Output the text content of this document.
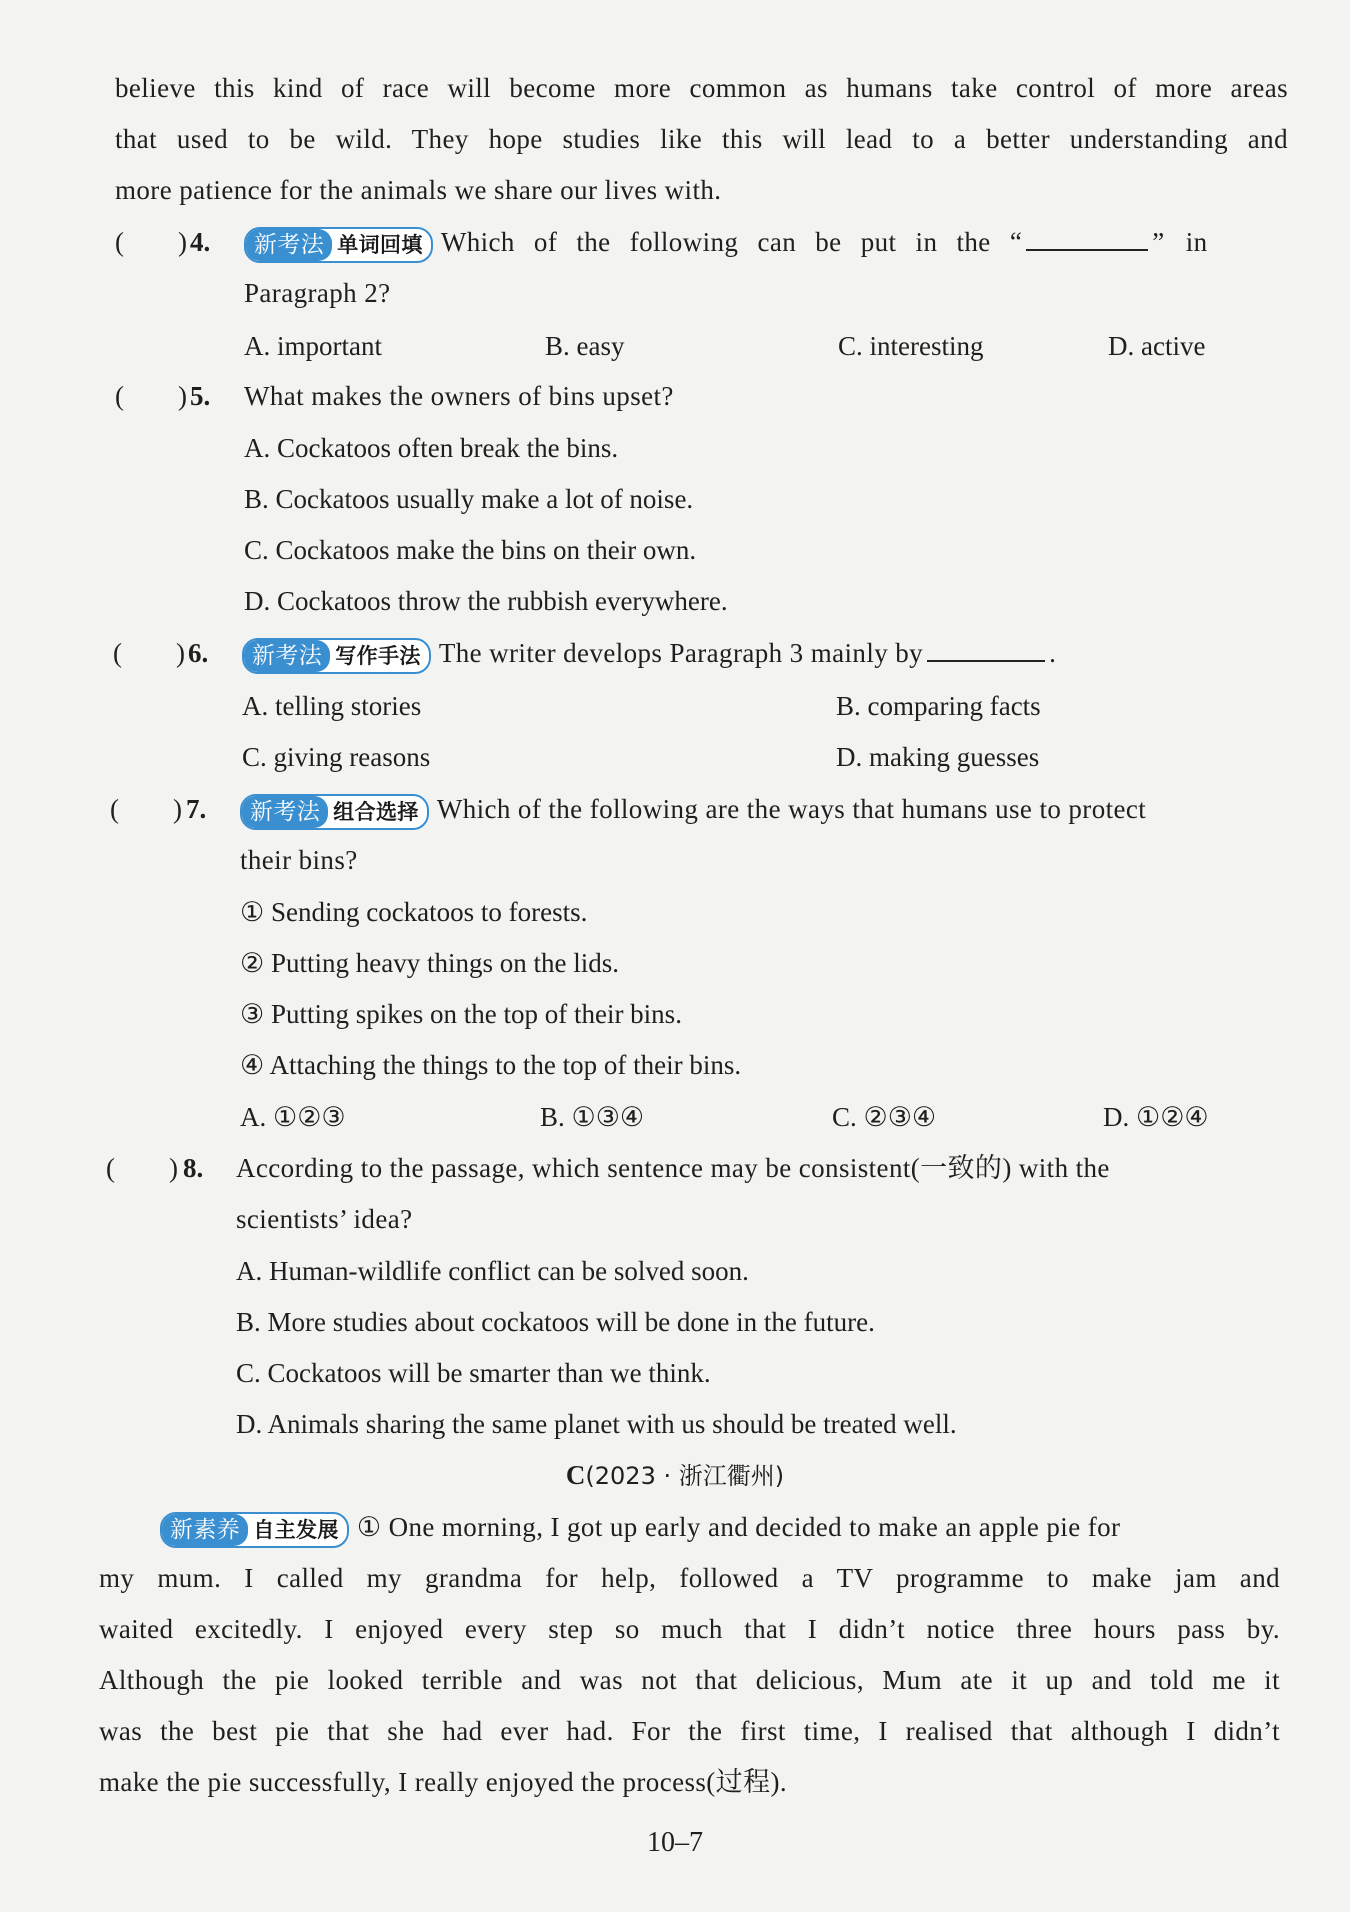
believe this kind of race will become more common as humans take control of more areas
that used to be wild. They hope studies like this will lead to a better understanding and
more patience for the animals we share our lives with.
(　　) 4.	新考法 单词回填 Which of the following can be put in the “	” in
Paragraph 2?
A. important	B. easy	C. interesting	D. active
(　　) 5. What makes the owners of bins upset?
A. Cockatoos often break the bins.
B. Cockatoos usually make a lot of noise.
C. Cockatoos make the bins on their own.
D. Cockatoos throw the rubbish everywhere.
(　　) 6.	新考法 写作手法 The writer develops Paragraph 3 mainly by	.
A. telling stories	B. comparing facts
C. giving reasons	D. making guesses
(　　) 7.	新考法 组合选择 Which of the following are the ways that humans use to protect
their bins?
① Sending cockatoos to forests.
② Putting heavy things on the lids.
③ Putting spikes on the top of their bins.
④ Attaching the things to the top of their bins.
A. ①②③	B. ①③④	C. ②③④	D. ①②④
(　　) 8. According to the passage, which sentence may be consistent(一致的) with the
scientists’ idea?
A. Human-wildlife conflict can be solved soon.
B. More studies about cockatoos will be done in the future.
C. Cockatoos will be smarter than we think.
D. Animals sharing the same planet with us should be treated well.
C(2023 · 浙江衢州)
新素养 自主发展 ① One morning, I got up early and decided to make an apple pie for
my mum. I called my grandma for help, followed a TV programme to make jam and
waited excitedly. I enjoyed every step so much that I didn’t notice three hours pass by.
Although the pie looked terrible and was not that delicious, Mum ate it up and told me it
was the best pie that she had ever had. For the first time, I realised that although I didn’t
make the pie successfully, I really enjoyed the process(过程).
10–7
